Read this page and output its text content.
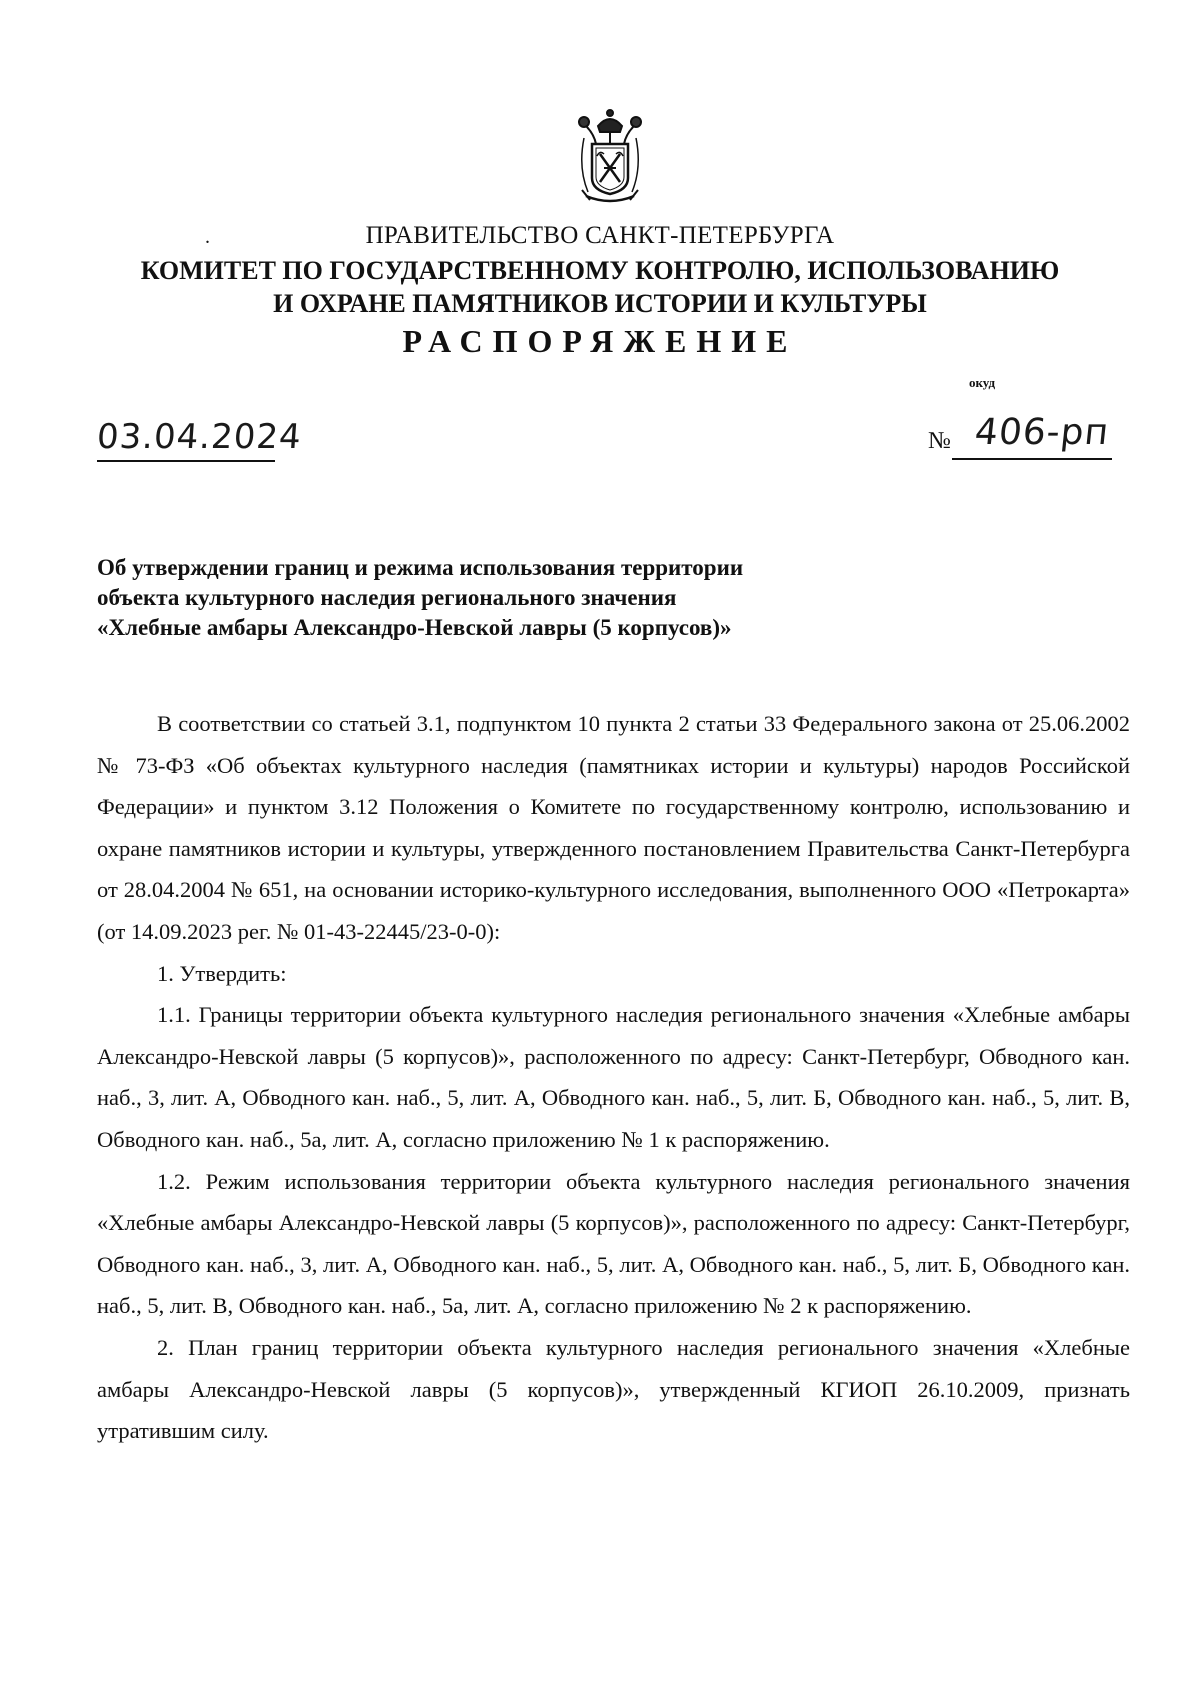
.	ПРАВИТЕЛЬСТВО САНКТ-ПЕТЕРБУРГА
КОМИТЕТ ПО ГОСУДАРСТВЕННОМУ КОНТРОЛЮ, ИСПОЛЬЗОВАНИЮ
И ОХРАНЕ ПАМЯТНИКОВ ИСТОРИИ И КУЛЬТУРЫ
РАСПОРЯЖЕНИЕ
окуд
03.04.2024	№ 406-рп
Об утверждении границ и режима использования территории
объекта культурного наследия регионального значения
«Хлебные амбары Александро-Невской лавры (5 корпусов)»

В соответствии со статьей 3.1, подпунктом 10 пункта 2 статьи 33 Федерального закона от 25.06.2002 № 73-ФЗ «Об объектах культурного наследия (памятниках истории и культуры) народов Российской Федерации» и пунктом 3.12 Положения о Комитете по государственному контролю, использованию и охране памятников истории и культуры, утвержденного постановлением Правительства Санкт-Петербурга от 28.04.2004 № 651, на основании историко-культурного исследования, выполненного ООО «Петрокарта» (от 14.09.2023 рег. № 01-43-22445/23-0-0):

1. Утвердить:

1.1. Границы территории объекта культурного наследия регионального значения «Хлебные амбары Александро-Невской лавры (5 корпусов)», расположенного по адресу: Санкт-Петербург, Обводного кан. наб., 3, лит. А, Обводного кан. наб., 5, лит. А, Обводного кан. наб., 5, лит. Б, Обводного кан. наб., 5, лит. В, Обводного кан. наб., 5а, лит. А, согласно приложению № 1 к распоряжению.

1.2. Режим использования территории объекта культурного наследия регионального значения «Хлебные амбары Александро-Невской лавры (5 корпусов)», расположенного по адресу: Санкт-Петербург, Обводного кан. наб., 3, лит. А, Обводного кан. наб., 5, лит. А, Обводного кан. наб., 5, лит. Б, Обводного кан. наб., 5, лит. В, Обводного кан. наб., 5а, лит. А, согласно приложению № 2 к распоряжению.

2. План границ территории объекта культурного наследия регионального значения «Хлебные амбары Александро-Невской лавры (5 корпусов)», утвержденный КГИОП 26.10.2009, признать утратившим силу.
